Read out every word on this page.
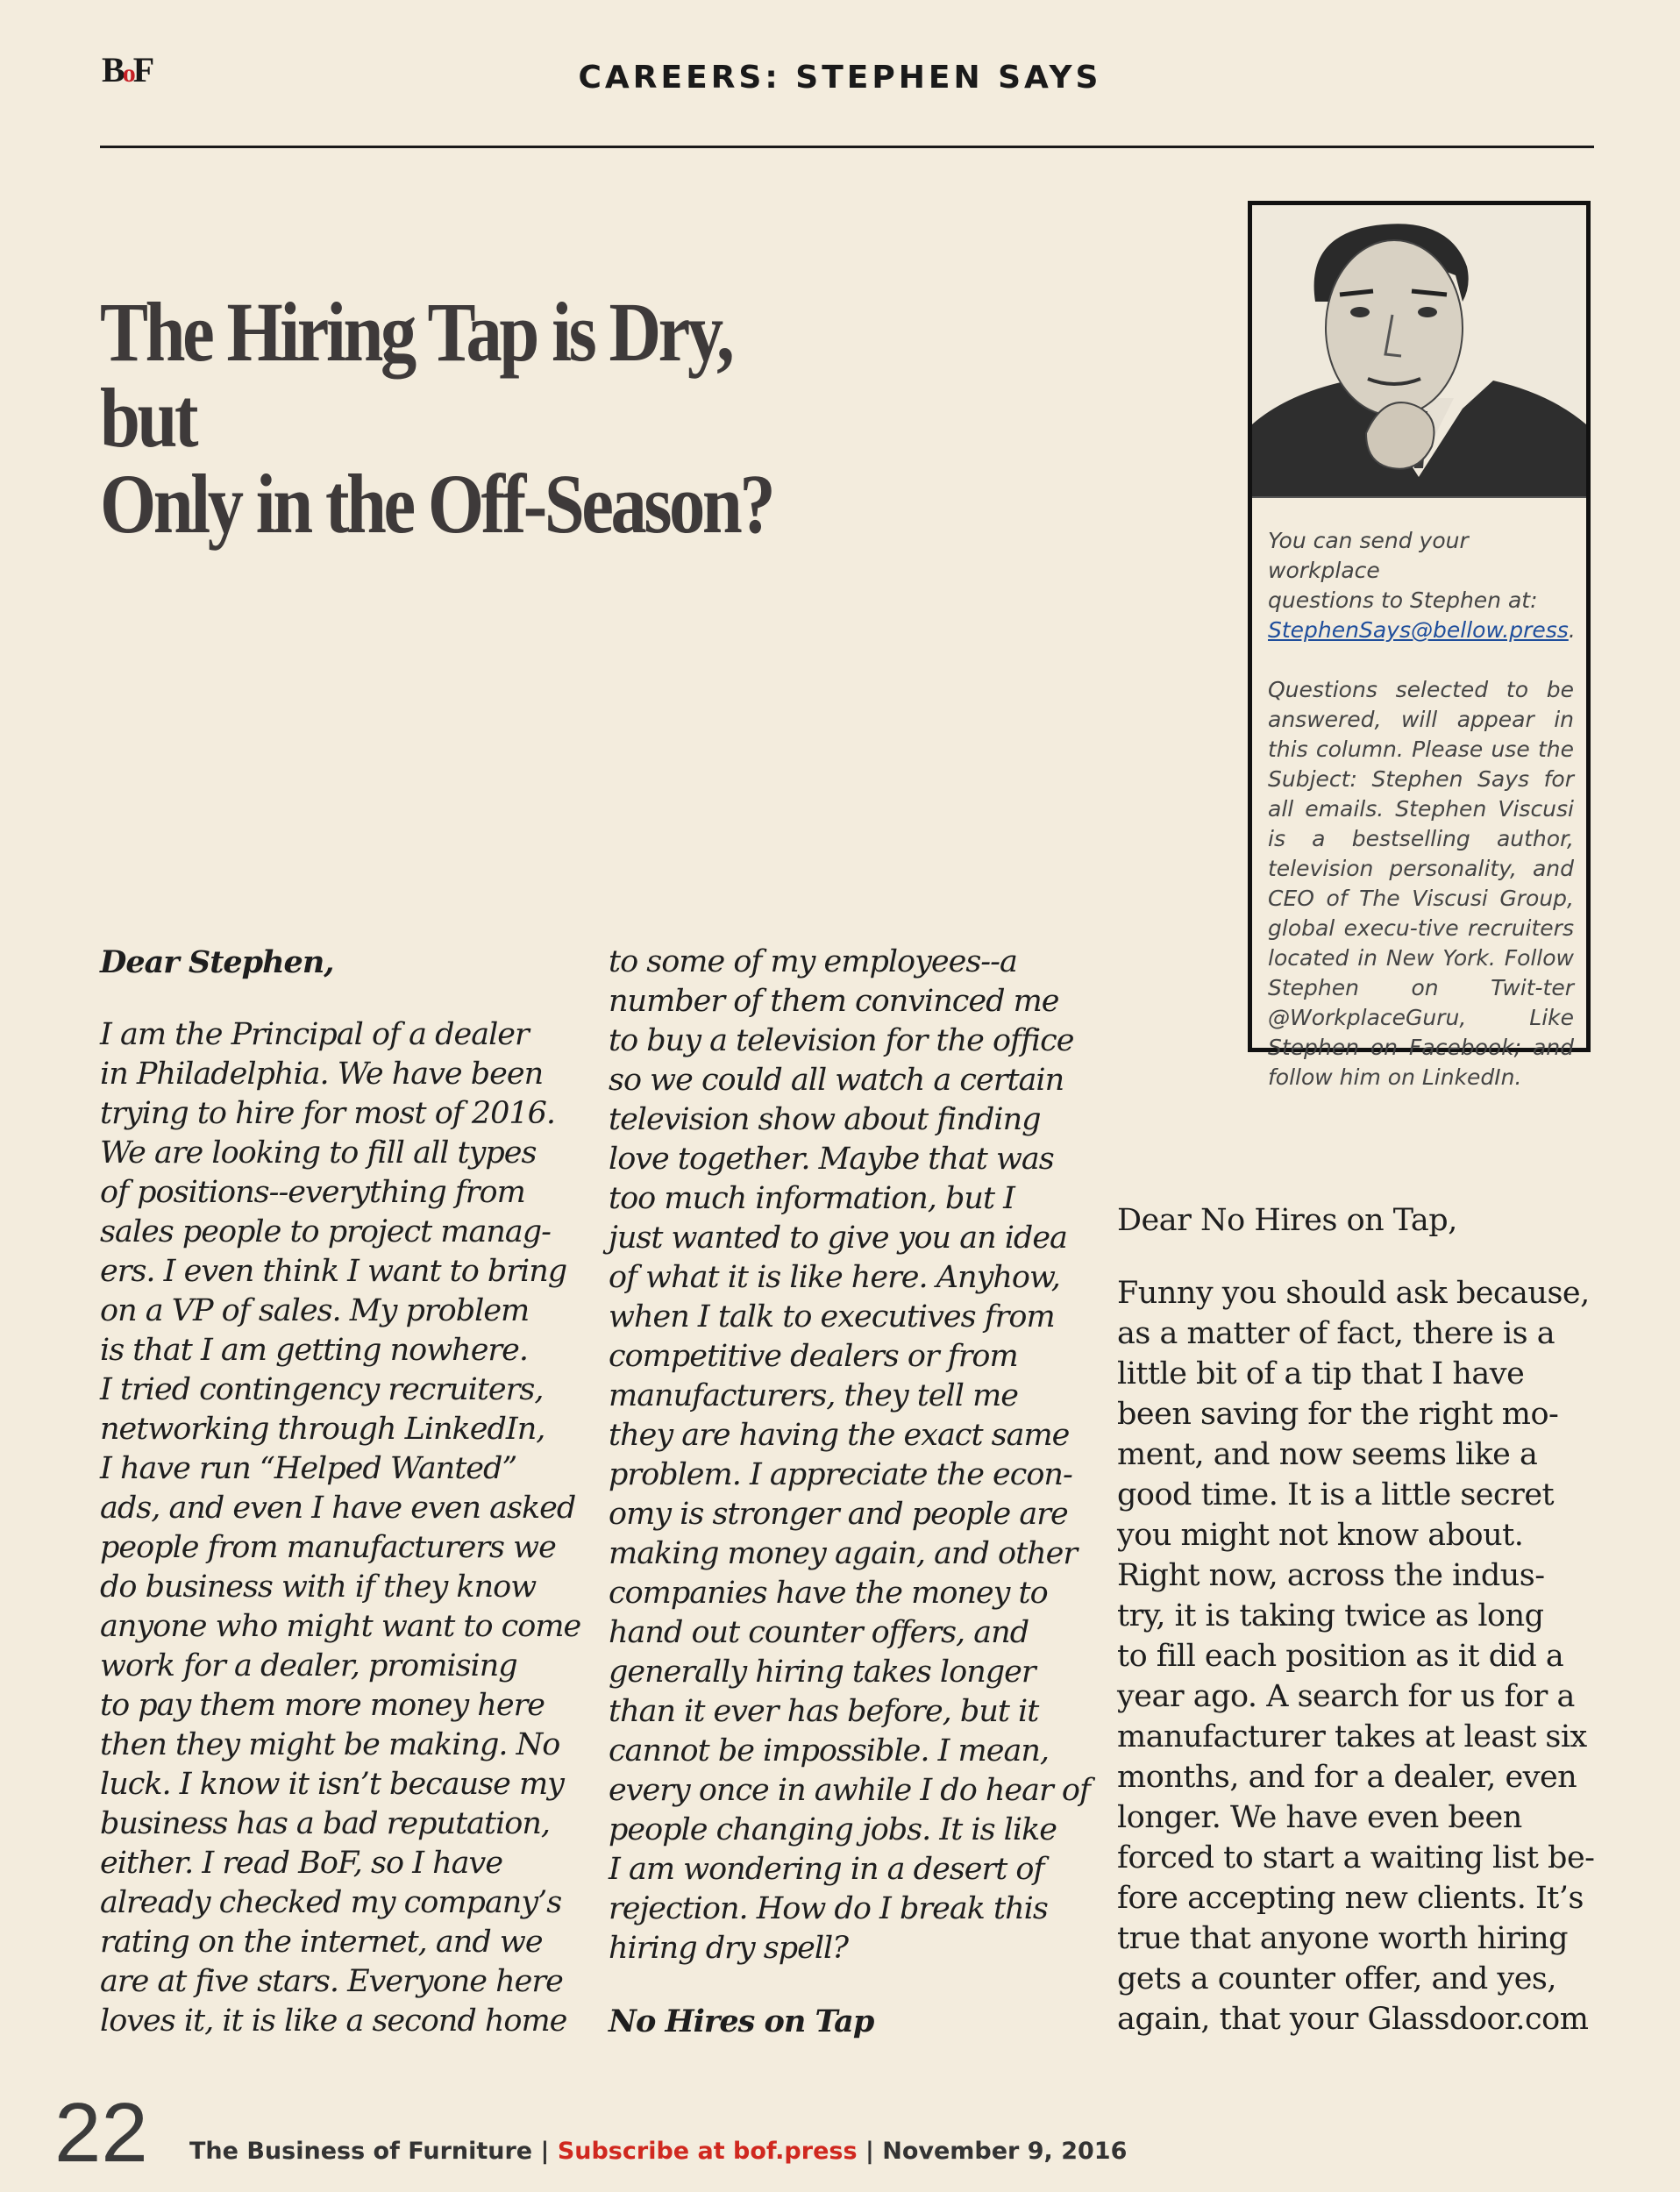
BoF	CAREERS: STEPHEN SAYS
The Hiring Tap is Dry, but
Only in the Off-Season?	You can send your workplace
questions to Stephen at:
StephenSays@bellow.press.

Questions selected to be answered, will appear in this column. Please use the Subject: Stephen Says for all emails. Stephen Viscusi is a bestselling author, television personality, and CEO of The Viscusi Group, global execu-tive recruiters located in New York. Follow Stephen on Twit-ter @WorkplaceGuru, Like Stephen on Facebook; and follow him on LinkedIn.

Dear Stephen,

I am the Principal of a dealer
in Philadelphia. We have been
trying to hire for most of 2016.
We are looking to fill all types
of positions--everything from
sales people to project manag-
ers. I even think I want to bring
on a VP of sales. My problem
is that I am getting nowhere.
I tried contingency recruiters,
networking through LinkedIn,
I have run “Helped Wanted”
ads, and even I have even asked
people from manufacturers we
do business with if they know
anyone who might want to come
work for a dealer, promising
to pay them more money here
then they might be making. No
luck. I know it isn’t because my
business has a bad reputation,
either. I read BoF, so I have
already checked my company’s
rating on the internet, and we
are at five stars. Everyone here
loves it, it is like a second home

to some of my employees--a
number of them convinced me
to buy a television for the office
so we could all watch a certain
television show about finding
love together. Maybe that was
too much information, but I
just wanted to give you an idea
of what it is like here. Anyhow,
when I talk to executives from
competitive dealers or from
manufacturers, they tell me
they are having the exact same
problem. I appreciate the econ-
omy is stronger and people are
making money again, and other
companies have the money to
hand out counter offers, and
generally hiring takes longer
than it ever has before, but it
cannot be impossible. I mean,
every once in awhile I do hear of
people changing jobs. It is like
I am wondering in a desert of
rejection. How do I break this
hiring dry spell?

No Hires on Tap

Dear No Hires on Tap,

Funny you should ask because,
as a matter of fact, there is a
little bit of a tip that I have
been saving for the right mo-
ment, and now seems like a
good time. It is a little secret
you might not know about.
Right now, across the indus-
try, it is taking twice as long
to fill each position as it did a
year ago. A search for us for a
manufacturer takes at least six
months, and for a dealer, even
longer. We have even been
forced to start a waiting list be-
fore accepting new clients. It’s
true that anyone worth hiring
gets a counter offer, and yes,
again, that your Glassdoor.com

22 The Business of Furniture | Subscribe at bof.press | November 9, 2016
